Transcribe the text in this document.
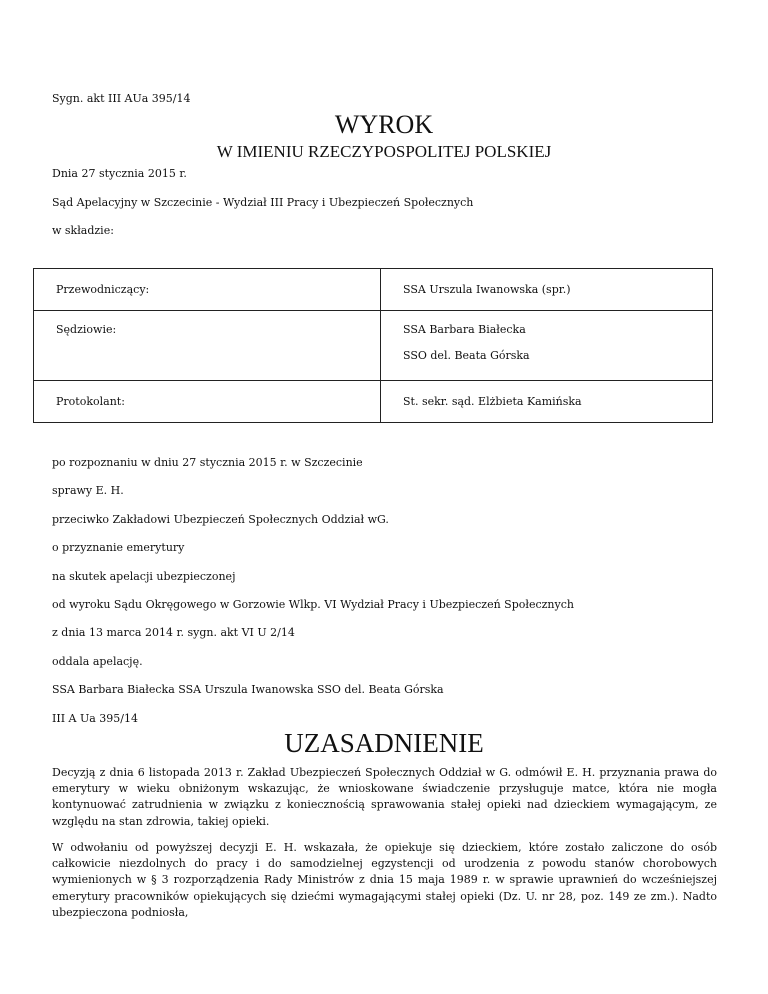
Sygn. akt III AUa 395/14
WYROK
W IMIENIU RZECZYPOSPOLITEJ POLSKIEJ
Dnia 27 stycznia 2015 r.
Sąd Apelacyjny w Szczecinie - Wydział III Pracy i Ubezpieczeń Społecznych
w składzie:
Przewodniczący:	SSA Urszula Iwanowska (spr.)
Sędziowie:	SSA Barbara Białecka
SSO del. Beata Górska

Protokolant:	St. sekr. sąd. Elżbieta Kamińska
po rozpoznaniu w dniu 27 stycznia 2015 r. w Szczecinie
sprawy E. H.
przeciwko Zakładowi Ubezpieczeń Społecznych Oddział wG.
o przyznanie emerytury
na skutek apelacji ubezpieczonej
od wyroku Sądu Okręgowego w Gorzowie Wlkp. VI Wydział Pracy i Ubezpieczeń Społecznych
z dnia 13 marca 2014 r. sygn. akt VI U 2/14
oddala apelację.
SSA Barbara Białecka SSA Urszula Iwanowska SSO del. Beata Górska
III A Ua 395/14
UZASADNIENIE
Decyzją z dnia 6 listopada 2013 r. Zakład Ubezpieczeń Społecznych Oddział w G. odmówił E. H. przyznania prawa do emerytury w wieku obniżonym wskazując, że wnioskowane świadczenie przysługuje matce, która nie mogła kontynuować zatrudnienia w związku z koniecznością sprawowania stałej opieki nad dzieckiem wymagającym, ze względu na stan zdrowia, takiej opieki.
W odwołaniu od powyższej decyzji E. H. wskazała, że opiekuje się dzieckiem, które zostało zaliczone do osób całkowicie niezdolnych do pracy i do samodzielnej egzystencji od urodzenia z powodu stanów chorobowych wymienionych w § 3 rozporządzenia Rady Ministrów z dnia 15 maja 1989 r. w sprawie uprawnień do wcześniejszej emerytury pracowników opiekujących się dziećmi wymagającymi stałej opieki (Dz. U. nr 28, poz. 149 ze zm.). Nadto ubezpieczona podniosła,
